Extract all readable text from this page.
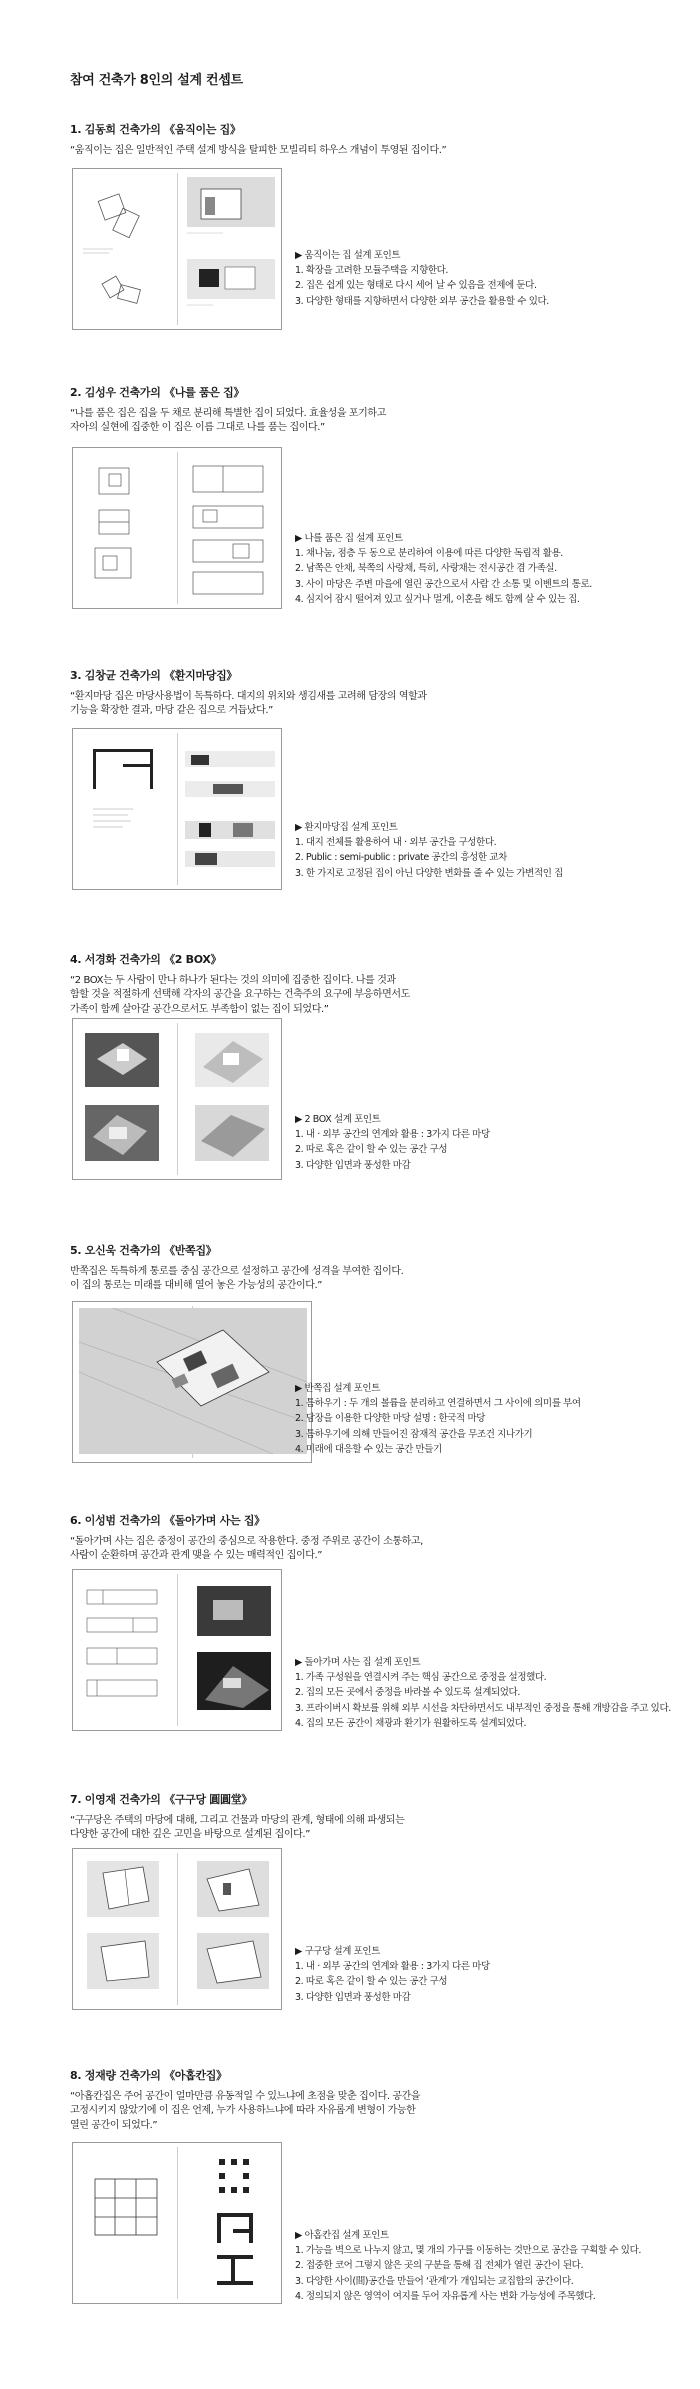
참여 건축가 8인의 설계 컨셉트
1. 김동희 건축가의 《움직이는 집》
“움직이는 집은 일반적인 주택 설계 방식을 탈피한 모빌리티 하우스 개념이 투영된 집이다.”
▶ 움직이는 집 설계 포인트
1. 확장을 고려한 모듈주택을 지향한다.
2. 집은 쉽게 있는 형태로 다시 세어 날 수 있음을 전제에 둔다.
3. 다양한 형태를 지향하면서 다양한 외부 공간을 활용할 수 있다.
2. 김성우 건축가의 《나를 품은 집》
“나를 품은 집은 집을 두 채로 분리해 특별한 집이 되었다. 효율성을 포기하고
자아의 실현에 집중한 이 집은 이름 그대로 나를 품는 집이다.”
▶ 나를 품은 집 설계 포인트
1. 채나눔, 점층 두 동으로 분리하여 이용에 따른 다양한 독립적 활용.
2. 남쪽은 안채, 북쪽의 사랑채, 특히, 사랑채는 전시공간 겸 가족실.
3. 사이 마당은 주변 마을에 열린 공간으로서 사람 간 소통 및 이벤트의 통로.
4. 심지어 잠시 떨어져 있고 싶거나 멀게, 이혼을 해도 함께 살 수 있는 집.
3. 김창균 건축가의 《환지마당집》
“환지마당 집은 마당사용법이 독특하다. 대지의 위치와 생김새를 고려해 담장의 역할과
기능을 확장한 결과, 마당 같은 집으로 거듭났다.”
▶ 환지마당집 설계 포인트
1. 대지 전체를 활용하여 내 · 외부 공간을 구성한다.
2. Public : semi-public : private 공간의 흥성한 교차
3. 한 가지로 고정된 집이 아닌 다양한 변화를 줄 수 있는 가변적인 집
4. 서경화 건축가의 《2 BOX》
“2 BOX는 두 사람이 만나 하나가 된다는 것의 의미에 집중한 집이다. 나를 것과
함할 것을 적절하게 선택해 각자의 공간을 요구하는 건축주의 요구에 부응하면서도
가족이 함께 살아갈 공간으로서도 부족함이 없는 집이 되었다.”
▶ 2 BOX 설계 포인트
1. 내 · 외부 공간의 연계와 활용 : 3가지 다른 마당
2. 따로 혹은 같이 할 수 있는 공간 구성
3. 다양한 입면과 풍성한 마감
5. 오신욱 건축가의 《반쪽집》
반쪽집은 독특하게 통로를 중심 공간으로 설정하고 공간에 성격을 부여한 집이다.
이 집의 통로는 미래를 대비해 열어 놓은 가능성의 공간이다.”
▶ 반쪽집 설계 포인트
1. 틈하우기 : 두 개의 볼륨을 분리하고 연결하면서 그 사이에 의미를 부여
2. 담장을 이용한 다양한 마당 설명 : 한국적 마당
3. 틈하우기에 의해 만들어진 잠재적 공간을 무조건 지나가기
4. 미래에 대응할 수 있는 공간 만들기
6. 이성범 건축가의 《돌아가며 사는 집》
“돌아가며 사는 집은 중정이 공간의 중심으로 작용한다. 중정 주위로 공간이 소통하고,
사람이 순환하며 공간과 관계 맺을 수 있는 매력적인 집이다.”
▶ 돌아가며 사는 집 설계 포인트
1. 가족 구성원을 연결시켜 주는 핵심 공간으로 중정을 설정했다.
2. 집의 모든 곳에서 중정을 바라볼 수 있도록 설계되었다.
3. 프라이버시 확보를 위해 외부 시선을 차단하면서도 내부적인 중정을 통해 개방감을 주고 있다.
4. 집의 모든 공간이 채광과 환기가 원활하도록 설계되었다.
7. 이영재 건축가의 《구구당 圓圓堂》
“구구당은 주택의 마당에 대해, 그리고 건물과 마당의 관계, 형태에 의해 파생되는
다양한 공간에 대한 깊은 고민을 바탕으로 설계된 집이다.”
▶ 구구당 설계 포인트
1. 내 · 외부 공간의 연계와 활용 : 3가지 다른 마당
2. 따로 혹은 같이 할 수 있는 공간 구성
3. 다양한 입면과 풍성한 마감
8. 정재량 건축가의 《아홉칸집》
“아홉칸집은 주어 공간이 얼마만큼 유동적일 수 있느냐에 초점을 맞춘 집이다. 공간을
고정시키지 않았기에 이 집은 언제, 누가 사용하느냐에 따라 자유롭게 변형이 가능한
열린 공간이 되었다.”
▶ 아홉칸집 설계 포인트
1. 가능을 벽으로 나누지 않고, 몇 개의 가구를 이동하는 것만으로 공간을 구획할 수 있다.
2. 접중한 코어 그렇지 않은 곳의 구분을 통해 집 전체가 열린 공간이 된다.
3. 다양한 사이(間)공간을 만들어 ‘관계’가 개입되는 교집합의 공간이다.
4. 정의되지 않은 영역이 여지를 두어 자유롭게 사는 변화 가능성에 주목했다.
